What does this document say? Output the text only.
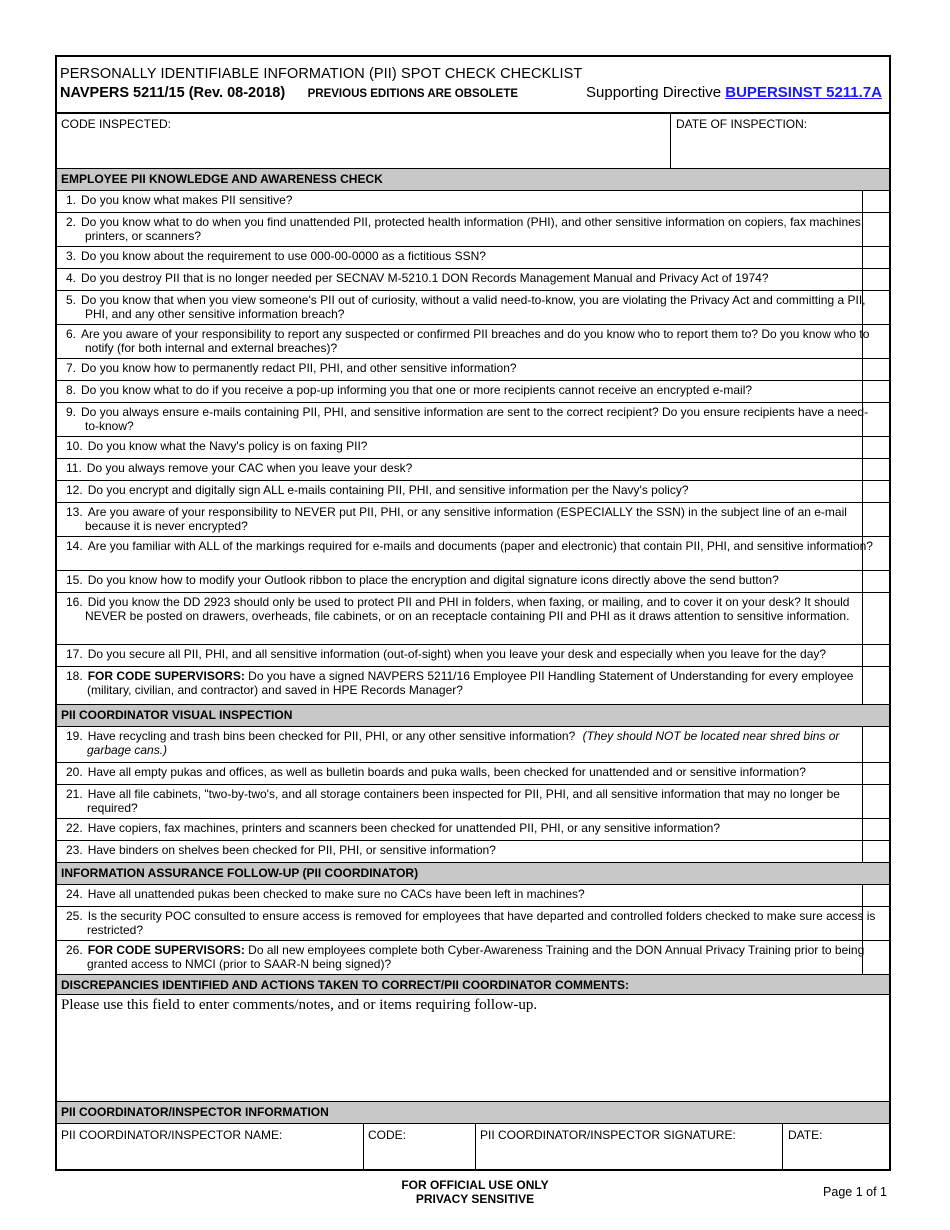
PERSONALLY IDENTIFIABLE INFORMATION (PII) SPOT CHECK CHECKLIST
NAVPERS 5211/15 (Rev. 08-2018) PREVIOUS EDITIONS ARE OBSOLETE	Supporting Directive BUPERSINST 5211.7A
CODE INSPECTED:	DATE OF INSPECTION:
EMPLOYEE PII KNOWLEDGE AND AWARENESS CHECK
1. Do you know what makes PII sensitive?
2. Do you know what to do when you find unattended PII, protected health information (PHI), and other sensitive information on copiers, fax machines, printers, or scanners?
3. Do you know about the requirement to use 000-00-0000 as a fictitious SSN?
4. Do you destroy PII that is no longer needed per SECNAV M-5210.1 DON Records Management Manual and Privacy Act of 1974?
5. Do you know that when you view someone's PII out of curiosity, without a valid need-to-know, you are violating the Privacy Act and committing a PII, PHI, and any other sensitive information breach?
6. Are you aware of your responsibility to report any suspected or confirmed PII breaches and do you know who to report them to? Do you know who to notify (for both internal and external breaches)?
7. Do you know how to permanently redact PII, PHI, and other sensitive information?
8. Do you know what to do if you receive a pop-up informing you that one or more recipients cannot receive an encrypted e-mail?
9. Do you always ensure e-mails containing PII, PHI, and sensitive information are sent to the correct recipient? Do you ensure recipients have a need-to-know?
10. Do you know what the Navy's policy is on faxing PII?
11. Do you always remove your CAC when you leave your desk?
12. Do you encrypt and digitally sign ALL e-mails containing PII, PHI, and sensitive information per the Navy's policy?
13. Are you aware of your responsibility to NEVER put PII, PHI, or any sensitive information (ESPECIALLY the SSN) in the subject line of an e-mail because it is never encrypted?
14. Are you familiar with ALL of the markings required for e-mails and documents (paper and electronic) that contain PII, PHI, and sensitive information?
15. Do you know how to modify your Outlook ribbon to place the encryption and digital signature icons directly above the send button?
16. Did you know the DD 2923 should only be used to protect PII and PHI in folders, when faxing, or mailing, and to cover it on your desk? It should NEVER be posted on drawers, overheads, file cabinets, or on an receptacle containing PII and PHI as it draws attention to sensitive information.
17. Do you secure all PII, PHI, and all sensitive information (out-of-sight) when you leave your desk and especially when you leave for the day?
18. FOR CODE SUPERVISORS: Do you have a signed NAVPERS 5211/16 Employee PII Handling Statement of Understanding for every employee (military, civilian, and contractor) and saved in HPE Records Manager?
PII COORDINATOR VISUAL INSPECTION
19. Have recycling and trash bins been checked for PII, PHI, or any other sensitive information? (They should NOT be located near shred bins or garbage cans.)
20. Have all empty pukas and offices, as well as bulletin boards and puka walls, been checked for unattended and or sensitive information?
21. Have all file cabinets, "two-by-two's, and all storage containers been inspected for PII, PHI, and all sensitive information that may no longer be required?
22. Have copiers, fax machines, printers and scanners been checked for unattended PII, PHI, or any sensitive information?
23. Have binders on shelves been checked for PII, PHI, or sensitive information?
INFORMATION ASSURANCE FOLLOW-UP (PII COORDINATOR)
24. Have all unattended pukas been checked to make sure no CACs have been left in machines?
25. Is the security POC consulted to ensure access is removed for employees that have departed and controlled folders checked to make sure access is restricted?
26. FOR CODE SUPERVISORS: Do all new employees complete both Cyber-Awareness Training and the DON Annual Privacy Training prior to being granted access to NMCI (prior to SAAR-N being signed)?
DISCREPANCIES IDENTIFIED AND ACTIONS TAKEN TO CORRECT/PII COORDINATOR COMMENTS:
PII COORDINATOR/INSPECTOR INFORMATION
Please use this field to enter comments/notes, and or items requiring follow-up.
PII COORDINATOR/INSPECTOR NAME:	CODE:	PII COORDINATOR/INSPECTOR SIGNATURE:	DATE:
FOR OFFICIAL USE ONLY
PRIVACY SENSITIVE	Page 1 of 1
